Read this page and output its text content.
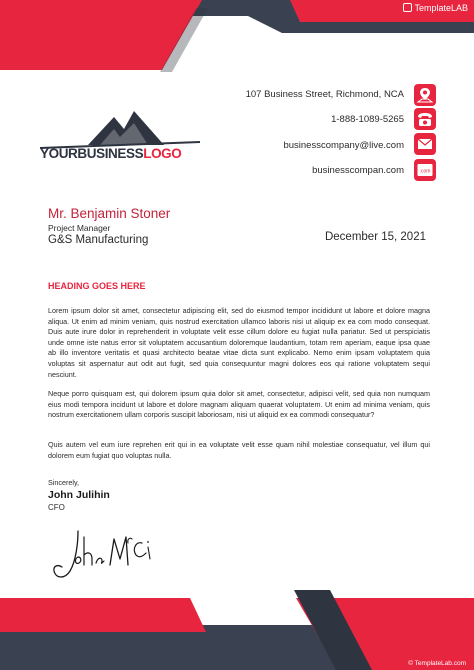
TemplateLAB
© TemplateLab.com
YOURBUSINESSLOGO
107 Business Street, Richmond, NCA
1-888-1089-5265
businesscompany@live.com
businesscompan.com	.com
Mr. Benjamin Stoner
Project Manager
G&S Manufacturing	December 15, 2021
HEADING GOES HERE

Lorem ipsum dolor sit amet, consectetur adipiscing elit, sed do eiusmod tempor incididunt ut labore et dolore magna aliqua. Ut enim ad minim veniam, quis nostrud exercitation ullamco laboris nisi ut aliquip ex ea com modo consequat. Duis aute irure dolor in reprehenderit in voluptate velit esse cillum dolore eu fugiat nulla pariatur. Sed ut perspiciatis unde omne iste natus error sit voluptatem accusantium doloremque laudantium, totam rem aperiam, eaque ipsa quae ab illo inventore veritatis et quasi architecto beatae vitae dicta sunt explicabo. Nemo enim ipsam voluptatem quia voluptas sit aspernatur aut odit aut fugit, sed quia consequuntur magni dolores eos qui ratione voluptatem sequi nesciunt.

Neque porro quisquam est, qui dolorem ipsum quia dolor sit amet, consectetur, adipisci velit, sed quia non numquam eius modi tempora incidunt ut labore et dolore magnam aliquam quaerat voluptatem. Ut enim ad minima veniam, quis nostrum exercitationem ullam corporis suscipit laboriosam, nisi ut aliquid ex ea commodi consequatur?

Quis autem vel eum iure reprehen erit qui in ea voluptate velit esse quam nihil molestiae consequatur, vel illum qui dolorem eum fugiat quo voluptas nulla.

Sincerely,
John Julihin
CFO
